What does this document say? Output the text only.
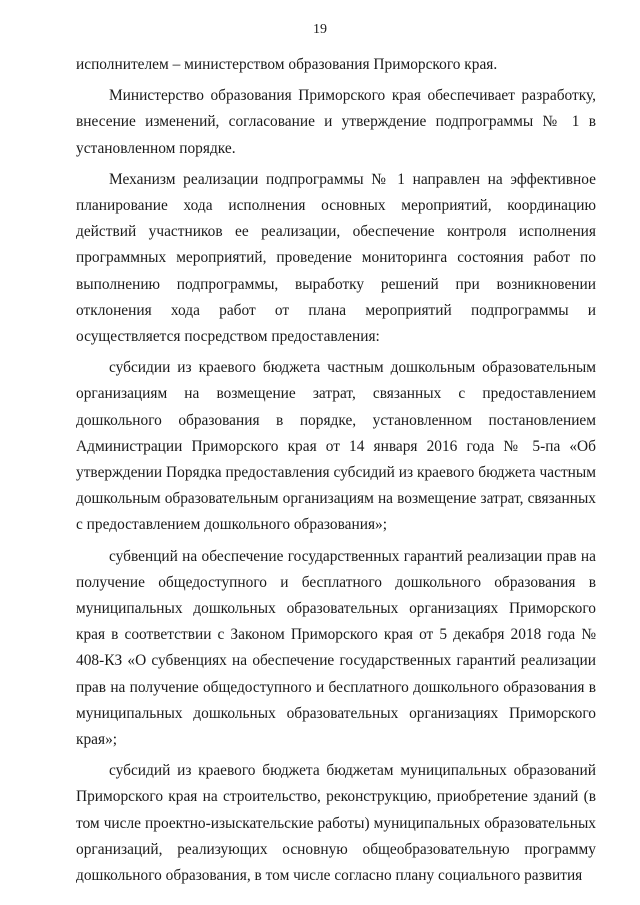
19

исполнителем – министерством образования Приморского края.

Министерство образования Приморского края обеспечивает разработку, внесение изменений, согласование и утверждение подпрограммы № 1 в установленном порядке.

Механизм реализации подпрограммы № 1 направлен на эффективное планирование хода исполнения основных мероприятий, координацию действий участников ее реализации, обеспечение контроля исполнения программных мероприятий, проведение мониторинга состояния работ по выполнению подпрограммы, выработку решений при возникновении отклонения хода работ от плана мероприятий подпрограммы и осуществляется посредством предоставления:

субсидии из краевого бюджета частным дошкольным образовательным организациям на возмещение затрат, связанных с предоставлением дошкольного образования в порядке, установленном постановлением Администрации Приморского края от 14 января 2016 года № 5-па «Об утверждении Порядка предоставления субсидий из краевого бюджета частным дошкольным образовательным организациям на возмещение затрат, связанных с предоставлением дошкольного образования»;

субвенций на обеспечение государственных гарантий реализации прав на получение общедоступного и бесплатного дошкольного образования в муниципальных дошкольных образовательных организациях Приморского края в соответствии с Законом Приморского края от 5 декабря 2018 года № 408-КЗ «О субвенциях на обеспечение государственных гарантий реализации прав на получение общедоступного и бесплатного дошкольного образования в муниципальных дошкольных образовательных организациях Приморского края»;

субсидий из краевого бюджета бюджетам муниципальных образований Приморского края на строительство, реконструкцию, приобретение зданий (в том числе проектно-изыскательские работы) муниципальных образовательных организаций, реализующих основную общеобразовательную программу дошкольного образования, в том числе согласно плану социального развития
